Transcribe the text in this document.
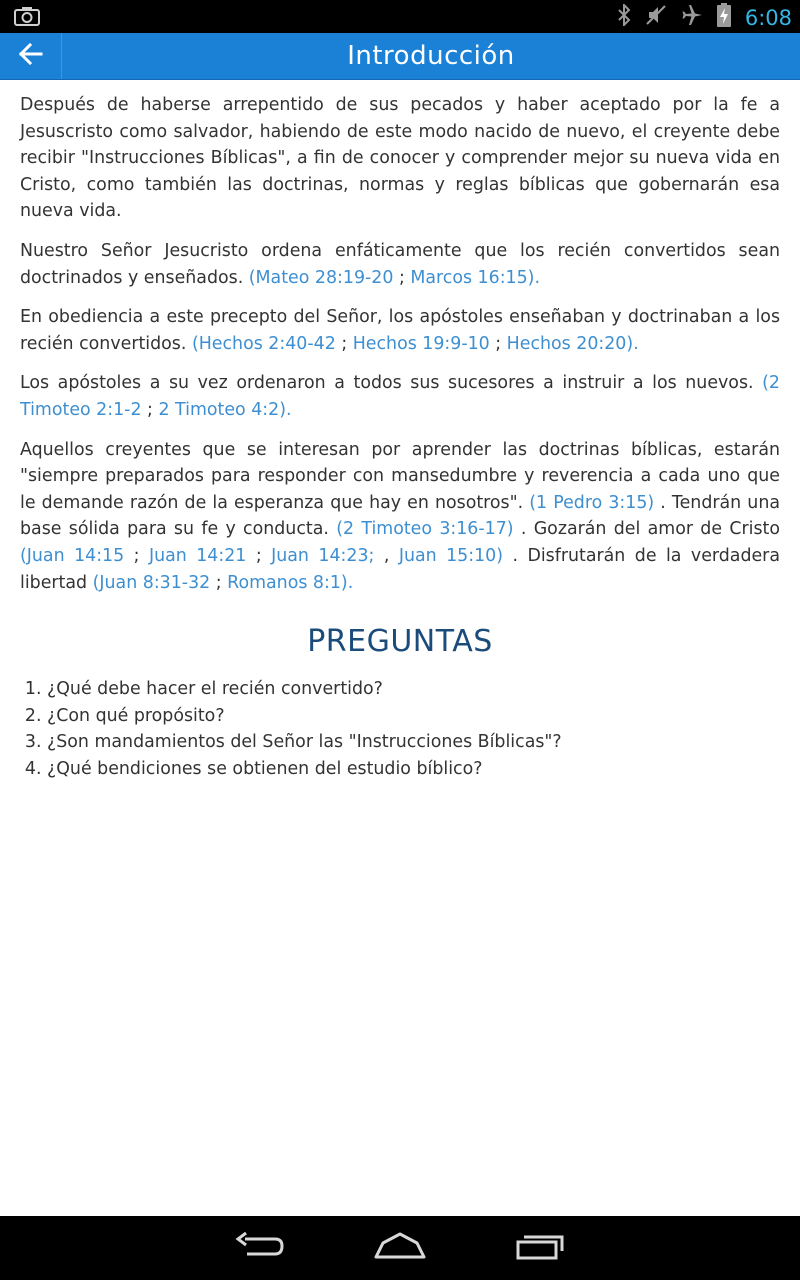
6:08
Introducción

Después de haberse arrepentido de sus pecados y haber aceptado por la fe a Jesuscristo como salvador, habiendo de este modo nacido de nuevo, el creyente debe recibir "Instrucciones Bíblicas", a fin de conocer y comprender mejor su nueva vida en Cristo, como también las doctrinas, normas y reglas bíblicas que gobernarán esa nueva vida.

Nuestro Señor Jesucristo ordena enfáticamente que los recién convertidos sean doctrinados y enseñados. (Mateo 28:19-20 ; Marcos 16:15).

En obediencia a este precepto del Señor, los apóstoles enseñaban y doctrinaban a los recién convertidos. (Hechos 2:40-42 ; Hechos 19:9-10 ; Hechos 20:20).

Los apóstoles a su vez ordenaron a todos sus sucesores a instruir a los nuevos. (2 Timoteo 2:1-2 ; 2 Timoteo 4:2).

Aquellos creyentes que se interesan por aprender las doctrinas bíblicas, estarán "siempre preparados para responder con mansedumbre y reverencia a cada uno que le demande razón de la esperanza que hay en nosotros". (1 Pedro 3:15) . Tendrán una base sólida para su fe y conducta. (2 Timoteo 3:16-17) . Gozarán del amor de Cristo (Juan 14:15 ; Juan 14:21 ; Juan 14:23; , Juan 15:10) . Disfrutarán de la verdadera libertad (Juan 8:31-32 ; Romanos 8:1).

PREGUNTAS
1. ¿Qué debe hacer el recién convertido?
2. ¿Con qué propósito?
3. ¿Son mandamientos del Señor las "Instrucciones Bíblicas"?
4. ¿Qué bendiciones se obtienen del estudio bíblico?
